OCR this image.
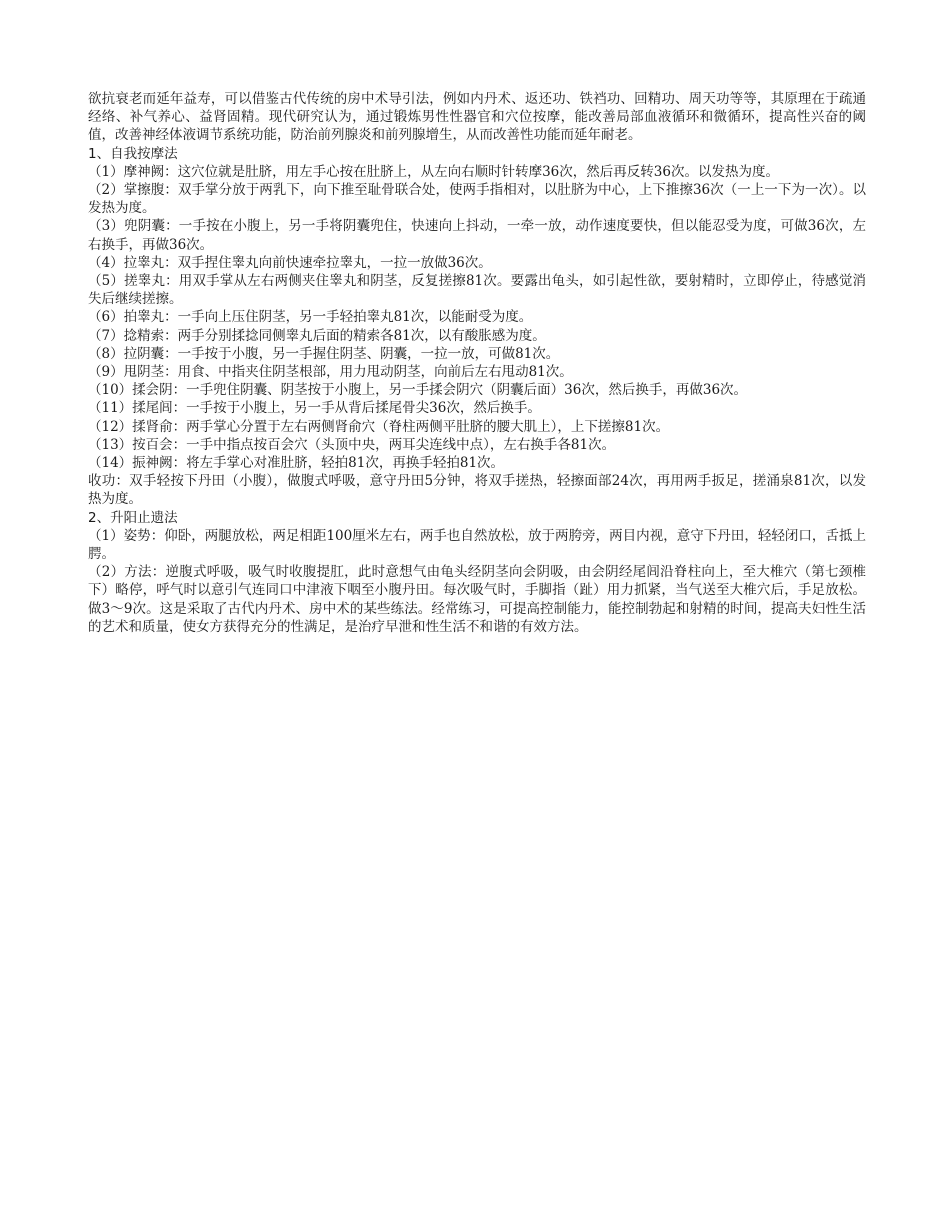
欲抗衰老而延年益寿，可以借鉴古代传统的房中术导引法，例如内丹术、返还功、铁裆功、回精功、周天功等等，其原理在于疏通经络、补气养心、益肾固精。现代研究认为，通过锻炼男性性器官和穴位按摩，能改善局部血液循环和微循环，提高性兴奋的阈值，改善神经体液调节系统功能，防治前列腺炎和前列腺增生，从而改善性功能而延年耐老。

1、自我按摩法

（1）摩神阙：这穴位就是肚脐，用左手心按在肚脐上，从左向右顺时针转摩36次，然后再反转36次。以发热为度。

（2）掌擦腹：双手掌分放于两乳下，向下推至耻骨联合处，使两手指相对，以肚脐为中心，上下推擦36次（一上一下为一次）。以发热为度。

（3）兜阴囊：一手按在小腹上，另一手将阴囊兜住，快速向上抖动，一牵一放，动作速度要快，但以能忍受为度，可做36次，左右换手，再做36次。

（4）拉睾丸：双手捏住睾丸向前快速牵拉睾丸，一拉一放做36次。

（5）搓睾丸：用双手掌从左右两侧夹住睾丸和阴茎，反复搓擦81次。要露出龟头，如引起性欲，要射精时，立即停止，待感觉消失后继续搓擦。

（6）拍睾丸：一手向上压住阴茎，另一手轻拍睾丸81次，以能耐受为度。

（7）捻精索：两手分别揉捻同侧睾丸后面的精索各81次，以有酸胀感为度。

（8）拉阴囊：一手按于小腹，另一手握住阴茎、阴囊，一拉一放，可做81次。

（9）甩阴茎：用食、中指夹住阴茎根部，用力甩动阴茎，向前后左右甩动81次。

（10）揉会阴：一手兜住阴囊、阴茎按于小腹上，另一手揉会阴穴（阴囊后面）36次，然后换手，再做36次。

（11）揉尾闾：一手按于小腹上，另一手从背后揉尾骨尖36次，然后换手。

（12）揉肾俞：两手掌心分置于左右两侧肾俞穴（脊柱两侧平肚脐的腰大肌上），上下搓擦81次。

（13）按百会：一手中指点按百会穴（头顶中央，两耳尖连线中点），左右换手各81次。

（14）振神阙：将左手掌心对准肚脐，轻拍81次，再换手轻拍81次。

收功：双手轻按下丹田（小腹），做腹式呼吸，意守丹田5分钟，将双手搓热，轻擦面部24次，再用两手扳足，搓涌泉81次，以发热为度。

2、升阳止遗法

（1）姿势：仰卧，两腿放松，两足相距100厘米左右，两手也自然放松，放于两胯旁，两目内视，意守下丹田，轻轻闭口，舌抵上腭。

（2）方法：逆腹式呼吸，吸气时收腹提肛，此时意想气由龟头经阴茎向会阴吸，由会阴经尾闾沿脊柱向上，至大椎穴（第七颈椎下）略停，呼气时以意引气连同口中津液下咽至小腹丹田。每次吸气时，手脚指（趾）用力抓紧，当气送至大椎穴后，手足放松。做3～9次。这是采取了古代内丹术、房中术的某些练法。经常练习，可提高控制能力，能控制勃起和射精的时间，提高夫妇性生活的艺术和质量，使女方获得充分的性满足，是治疗早泄和性生活不和谐的有效方法。
